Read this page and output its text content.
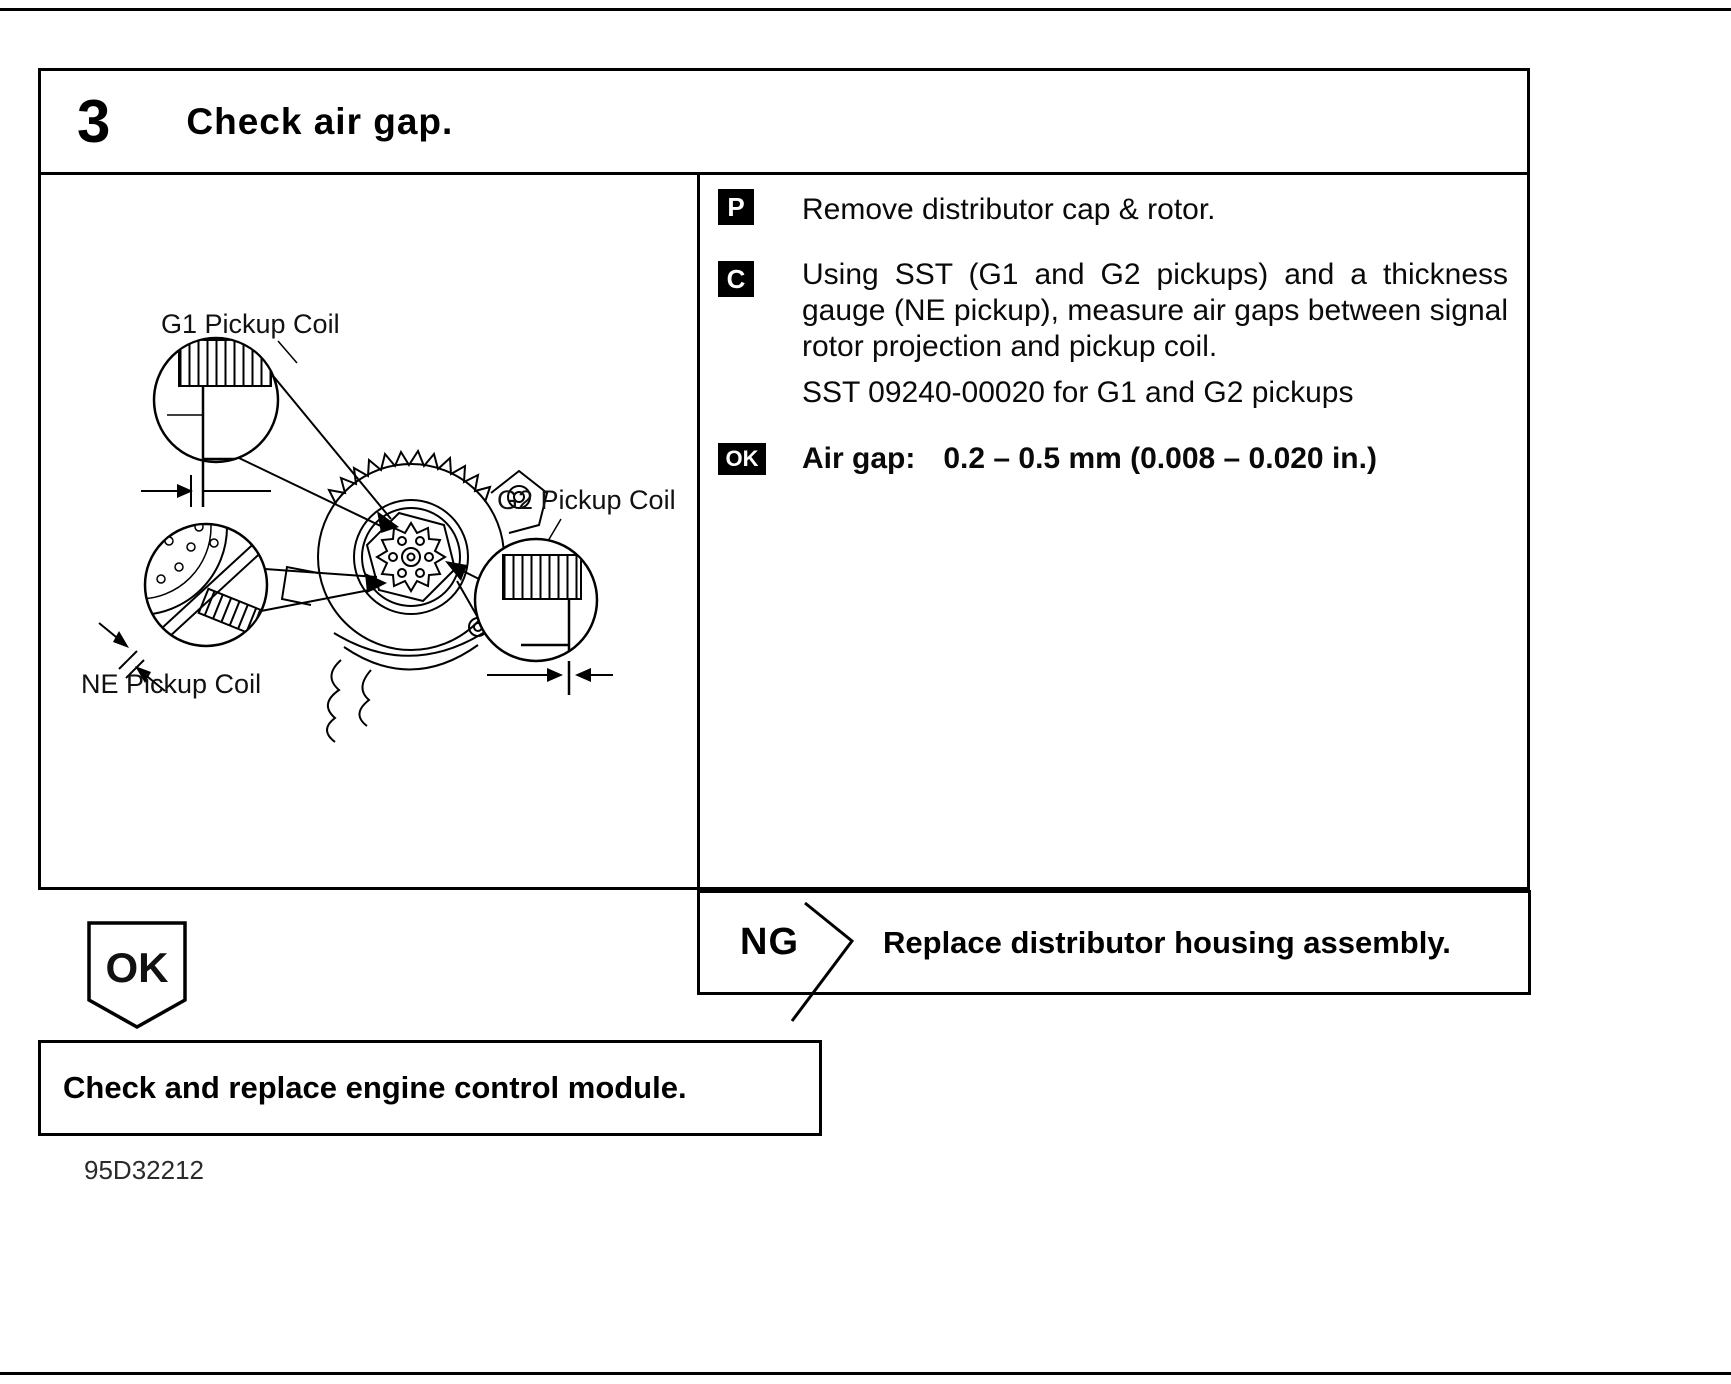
3 Check air gap.
G1 Pickup Coil
G2 Pickup Coil
NE Pickup Coil
P	Remove distributor cap & rotor.
C Using SST (G1 and G2 pickups) and a thickness gauge (NE pickup), measure air gaps between signal rotor projection and pickup coil.
SST 09240-00020 for G1 and G2 pickups
OK Air gap: 0.2 – 0.5 mm (0.008 – 0.020 in.)
NG	Replace distributor housing assembly.
OK
Check and replace engine control module.
95D32212
